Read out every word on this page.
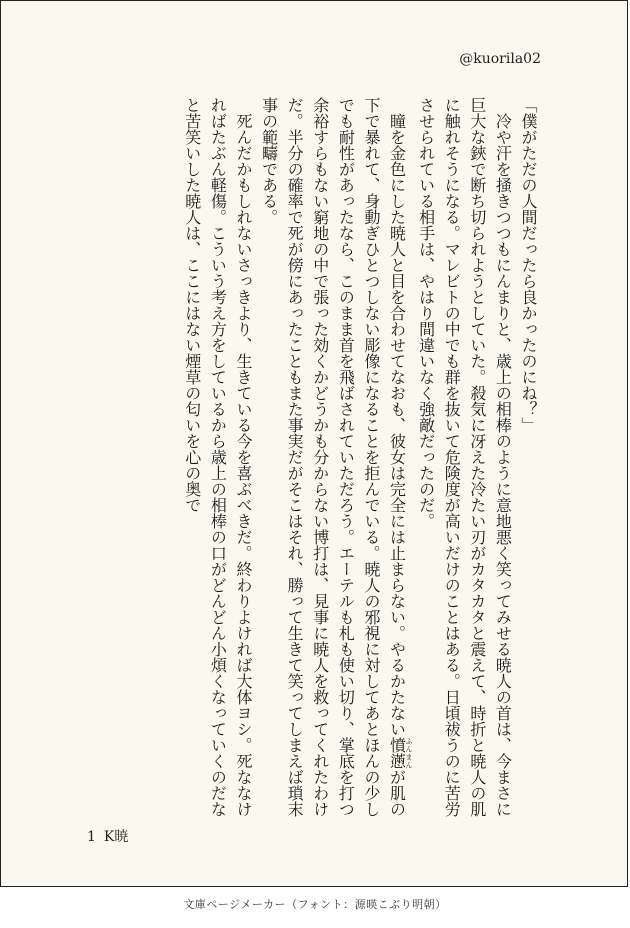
@kuorila02

「僕がただの人間だったら良かったのにね？」

冷や汗を掻きつつもにんまりと、歳上の相棒のように意地悪く笑ってみせる暁人の首は、今まさに巨大な鋏で断ち切られようとしていた。殺気に冴えた冷たい刃がカタカタと震えて、時折と暁人の肌に触れそうになる。マレビトの中でも群を抜いて危険度が高いだけのことはある。日頃祓うのに苦労させられている相手は、やはり間違いなく強敵だったのだ。

瞳を金色にした暁人と目を合わせてなおも、彼女は完全には止まらない。やるかたない憤懣ふんまんが肌の下で暴れて、身動ぎひとつしない彫像になることを拒んでいる。暁人の邪視に対してあとほんの少しでも耐性があったなら、このまま首を飛ばされていただろう。エーテルも札も使い切り、掌底を打つ余裕すらもない窮地の中で張った効くかどうかも分からない博打は、見事に暁人を救ってくれたわけだ。半分の確率で死が傍にあったこともまた事実だがそこはそれ、勝って生きて笑ってしまえば瑣末事の範疇である。

死んだかもしれないさっきより、生きている今を喜ぶべきだ。終わりよければ大体ヨシ。死ななければたぶん軽傷。こういう考え方をしているから歳上の相棒の口がどんどん小煩くなっていくのだなと苦笑いした暁人は、ここにはない煙草の匂いを心の奥で

1 K暁
文庫ページメーカー（フォント：源暎こぶり明朝）
